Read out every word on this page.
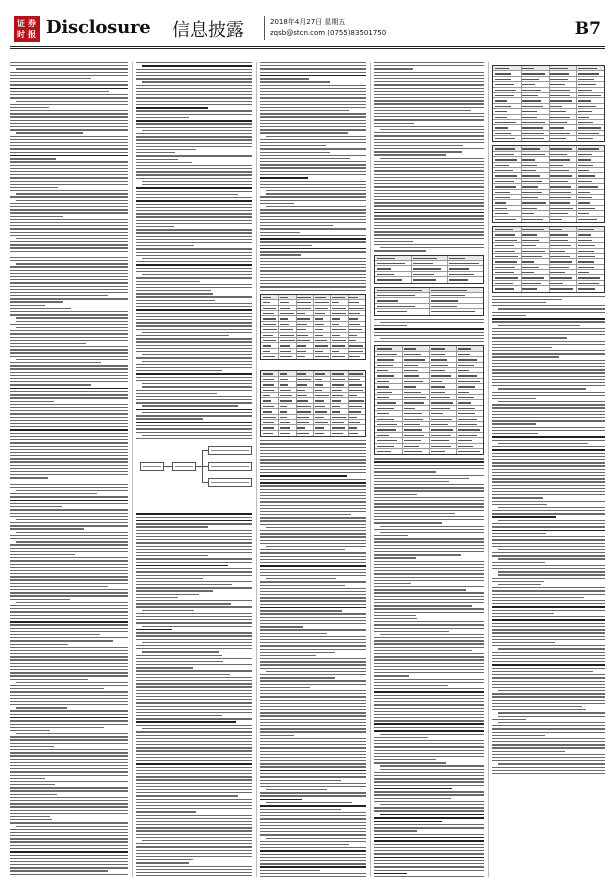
证 券
时 报 Disclosure 信息披露	2018年4月27日 星期五
zqsb@stcn.com (0755)83501750	B7
